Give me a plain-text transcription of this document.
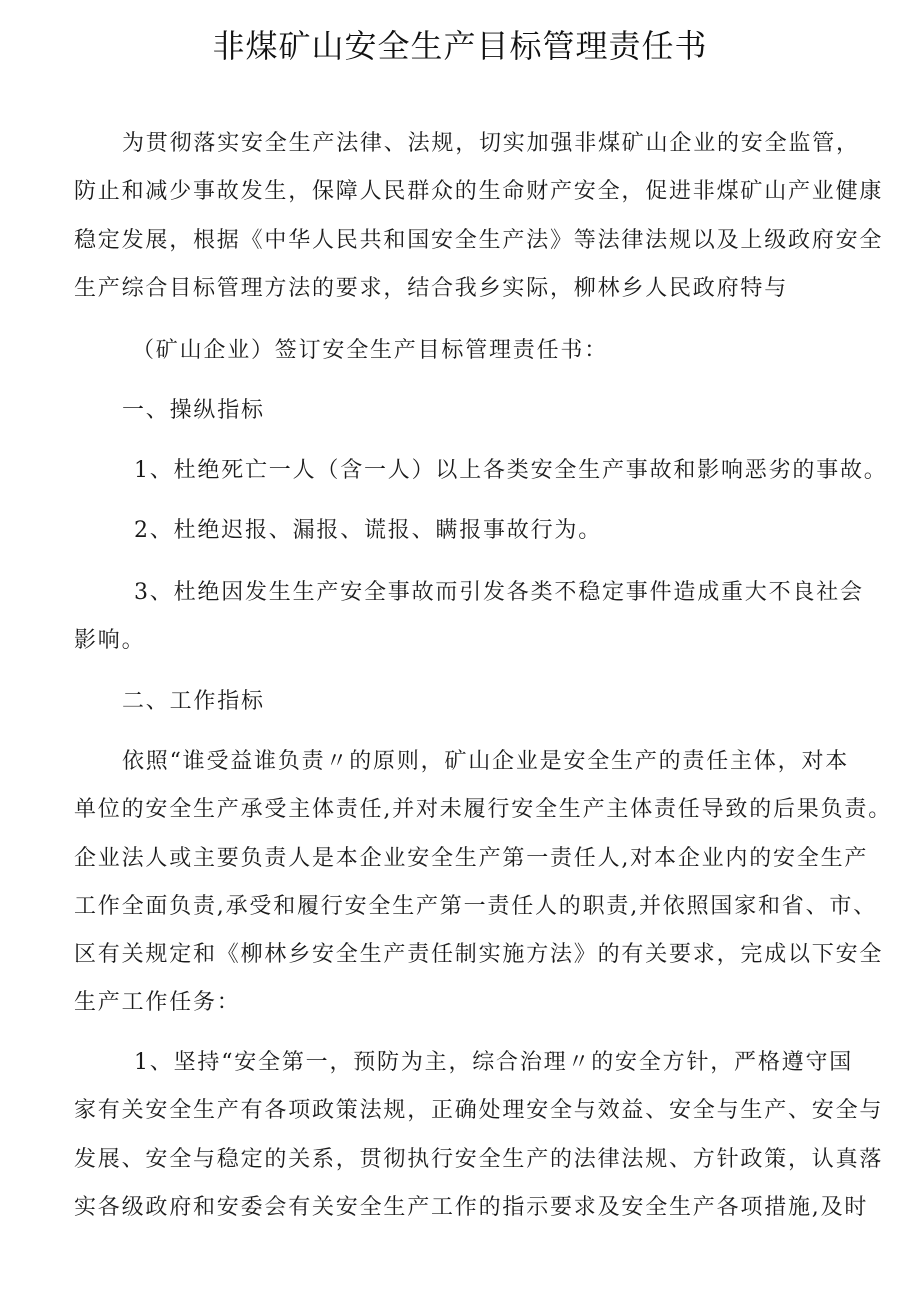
非煤矿山安全生产目标管理责任书
为贯彻落实安全生产法律、法规，切实加强非煤矿山企业的安全监管，
防止和减少事故发生，保障人民群众的生命财产安全，促进非煤矿山产业健康
稳定发展，根据《中华人民共和国安全生产法》等法律法规以及上级政府安全
生产综合目标管理方法的要求，结合我乡实际，柳林乡人民政府特与
（矿山企业）签订安全生产目标管理责任书：
一、操纵指标
1、杜绝死亡一人（含一人）以上各类安全生产事故和影响恶劣的事故。
2、杜绝迟报、漏报、谎报、瞒报事故行为。
3、杜绝因发生生产安全事故而引发各类不稳定事件造成重大不良社会
影响。
二、工作指标
依照“谁受益谁负责〃的原则，矿山企业是安全生产的责任主体，对本
单位的安全生产承受主体责任,并对未履行安全生产主体责任导致的后果负责。
企业法人或主要负责人是本企业安全生产第一责任人,对本企业内的安全生产
工作全面负责,承受和履行安全生产第一责任人的职责,并依照国家和省、市、
区有关规定和《柳林乡安全生产责任制实施方法》的有关要求，完成以下安全
生产工作任务：
1、坚持“安全第一，预防为主，综合治理〃的安全方针，严格遵守国
家有关安全生产有各项政策法规，正确处理安全与效益、安全与生产、安全与
发展、安全与稳定的关系，贯彻执行安全生产的法律法规、方针政策，认真落
实各级政府和安委会有关安全生产工作的指示要求及安全生产各项措施,及时
